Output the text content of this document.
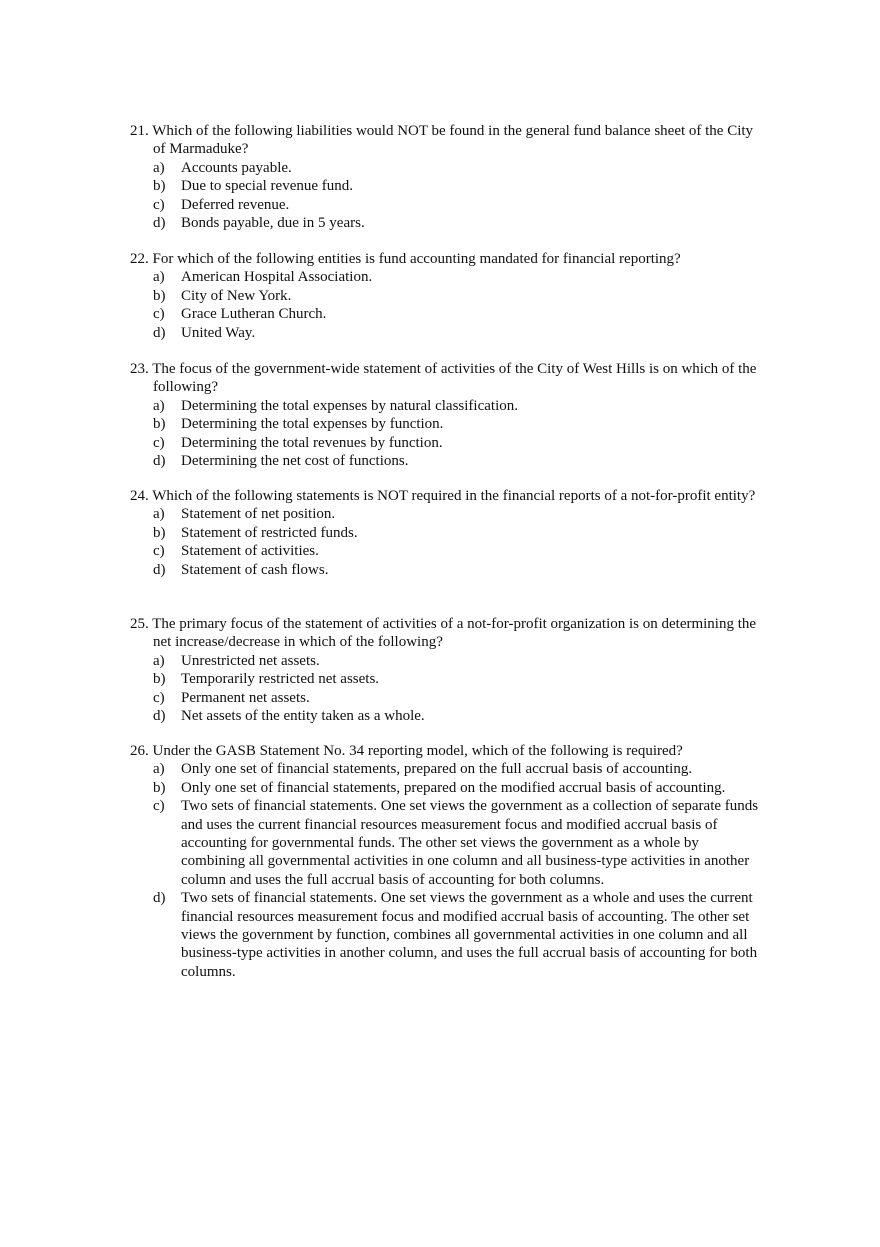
21. Which of the following liabilities would NOT be found in the general fund balance sheet of the City of Marmaduke?
a) Accounts payable.
b) Due to special revenue fund.
c) Deferred revenue.
d) Bonds payable, due in 5 years.
22. For which of the following entities is fund accounting mandated for financial reporting?
a) American Hospital Association.
b) City of New York.
c) Grace Lutheran Church.
d) United Way.
23. The focus of the government-wide statement of activities of the City of West Hills is on which of the following?
a) Determining the total expenses by natural classification.
b) Determining the total expenses by function.
c) Determining the total revenues by function.
d) Determining the net cost of functions.
24. Which of the following statements is NOT required in the financial reports of a not-for-profit entity?
a) Statement of net position.
b) Statement of restricted funds.
c) Statement of activities.
d) Statement of cash flows.
25. The primary focus of the statement of activities of a not-for-profit organization is on determining the net increase/decrease in which of the following?
a) Unrestricted net assets.
b) Temporarily restricted net assets.
c) Permanent net assets.
d) Net assets of the entity taken as a whole.
26. Under the GASB Statement No. 34 reporting model, which of the following is required?
a) Only one set of financial statements, prepared on the full accrual basis of accounting.
b) Only one set of financial statements, prepared on the modified accrual basis of accounting.
c) Two sets of financial statements. One set views the government as a collection of separate funds and uses the current financial resources measurement focus and modified accrual basis of accounting for governmental funds. The other set views the government as a whole by combining all governmental activities in one column and all business-type activities in another column and uses the full accrual basis of accounting for both columns.
d) Two sets of financial statements. One set views the government as a whole and uses the current financial resources measurement focus and modified accrual basis of accounting. The other set views the government by function, combines all governmental activities in one column and all business-type activities in another column, and uses the full accrual basis of accounting for both columns.
